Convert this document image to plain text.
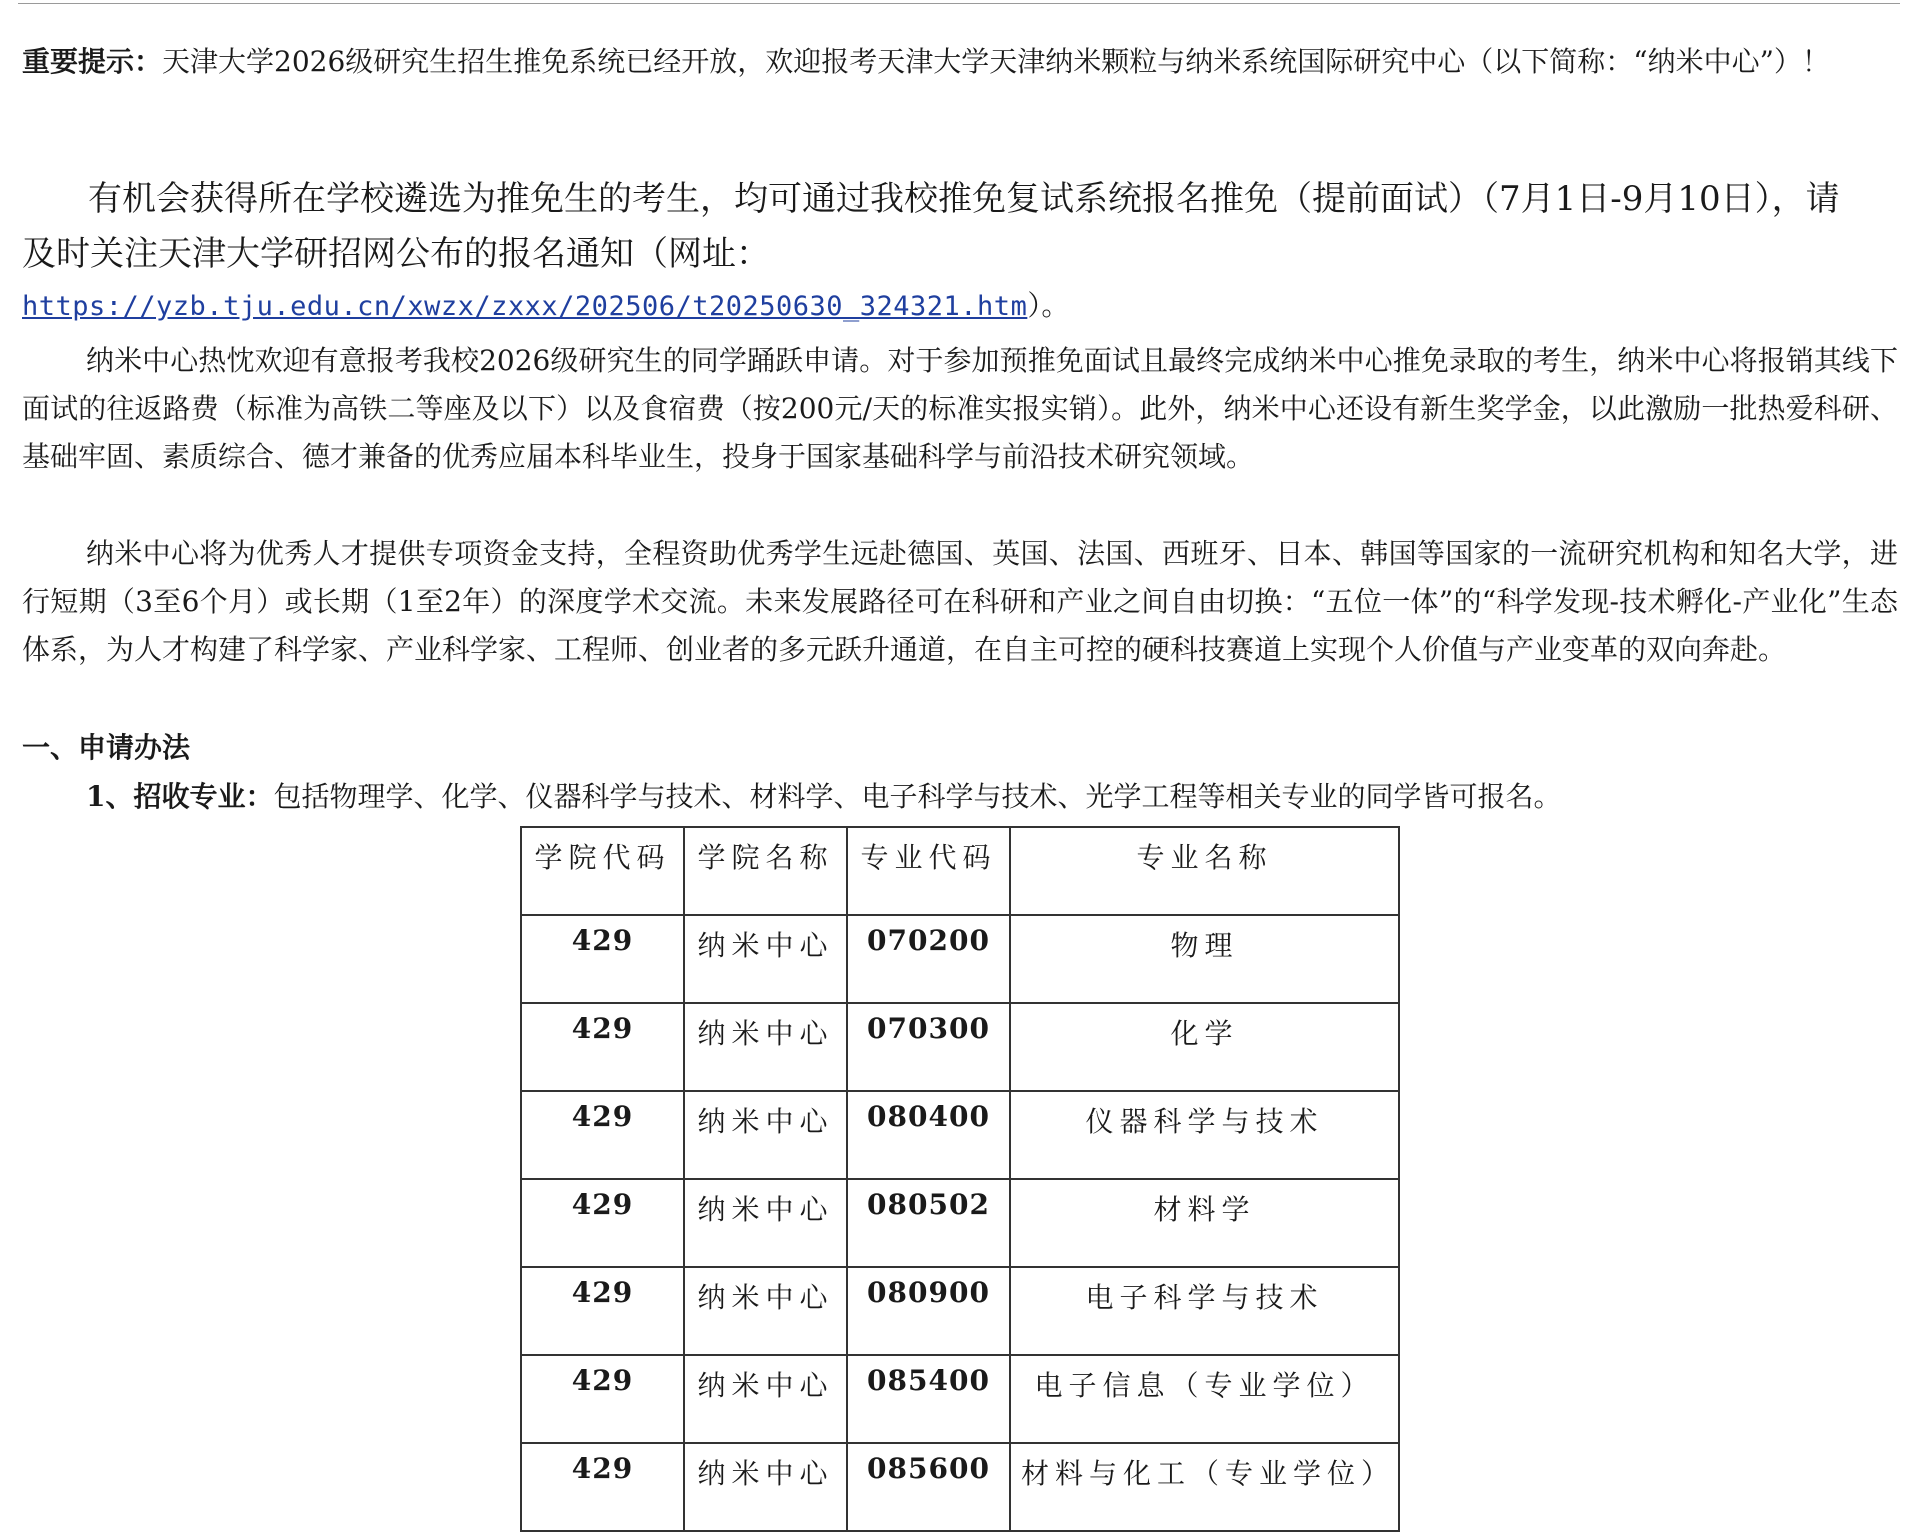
重要提示：天津大学2026级研究生招生推免系统已经开放，欢迎报考天津大学天津纳米颗粒与纳米系统国际研究中心（以下简称：“纳米中心”）！

有机会获得所在学校遴选为推免生的考生，均可通过我校推免复试系统报名推免（提前面试）（7月1日-9月10日），请及时关注天津大学研招网公布的报名通知（网址：

https://yzb.tju.edu.cn/xwzx/zxxx/202506/t20250630_324321.htm）。

纳米中心热忱欢迎有意报考我校2026级研究生的同学踊跃申请。对于参加预推免面试且最终完成纳米中心推免录取的考生，纳米中心将报销其线下面试的往返路费（标准为高铁二等座及以下）以及食宿费（按200元/天的标准实报实销）。此外，纳米中心还设有新生奖学金，以此激励一批热爱科研、基础牢固、素质综合、德才兼备的优秀应届本科毕业生，投身于国家基础科学与前沿技术研究领域。

纳米中心将为优秀人才提供专项资金支持，全程资助优秀学生远赴德国、英国、法国、西班牙、日本、韩国等国家的一流研究机构和知名大学，进行短期（3至6个月）或长期（1至2年）的深度学术交流。未来发展路径可在科研和产业之间自由切换：“五位一体”的“科学发现-技术孵化-产业化”生态体系，为人才构建了科学家、产业科学家、工程师、创业者的多元跃升通道，在自主可控的硬科技赛道上实现个人价值与产业变革的双向奔赴。

一、申请办法

1、招收专业：包括物理学、化学、仪器科学与技术、材料学、电子科学与技术、光学工程等相关专业的同学皆可报名。

学院代码	学院名称	专业代码	专业名称
429	纳米中心	070200	物理
429	纳米中心	070300	化学
429	纳米中心	080400	仪器科学与技术
429	纳米中心	080502	材料学
429	纳米中心	080900	电子科学与技术
429	纳米中心	085400	电子信息（专业学位）
429	纳米中心	085600	材料与化工（专业学位）
